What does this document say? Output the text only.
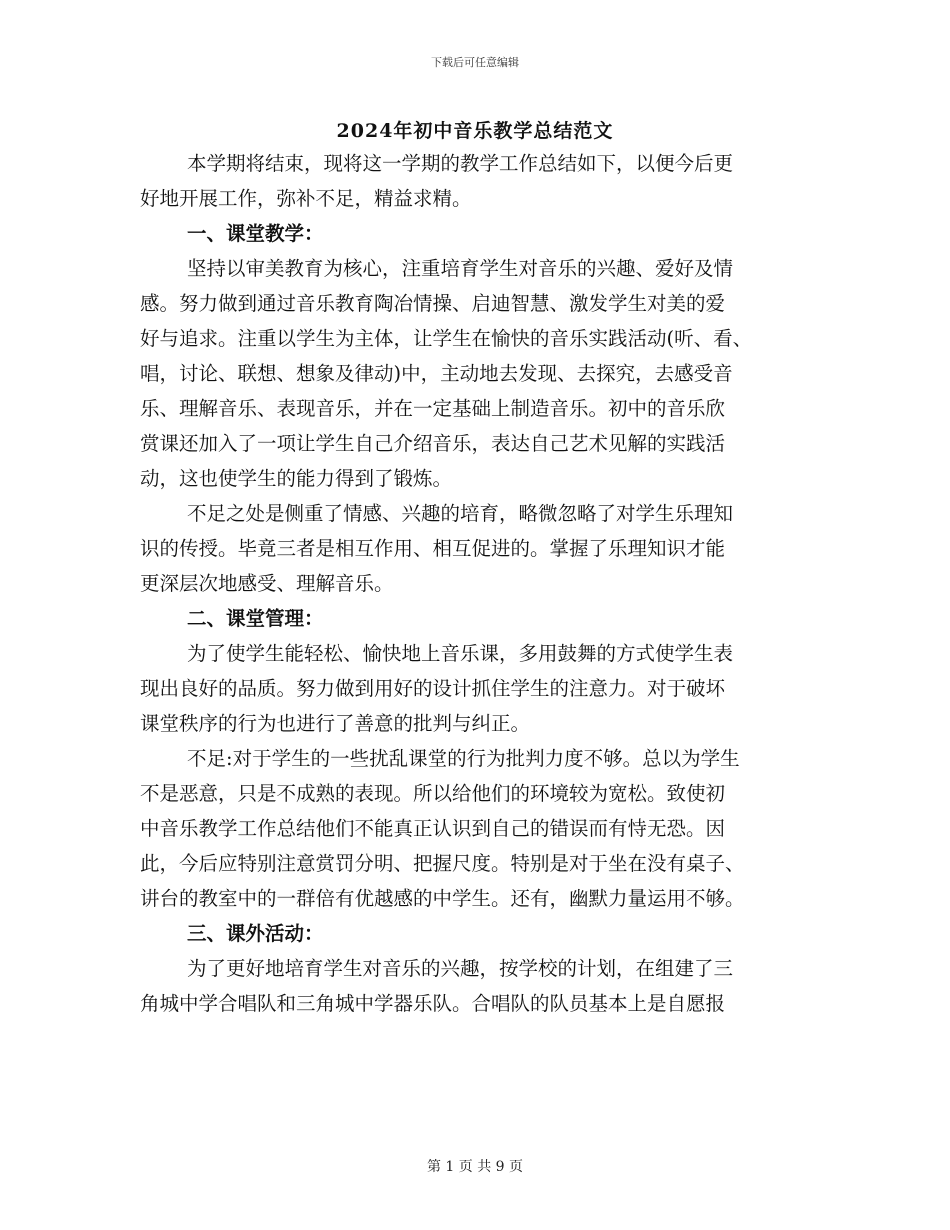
下载后可任意编辑
2024年初中音乐教学总结范文
本学期将结束，现将这一学期的教学工作总结如下，以便今后更
好地开展工作，弥补不足，精益求精。
一、课堂教学：
坚持以审美教育为核心，注重培育学生对音乐的兴趣、爱好及情
感。努力做到通过音乐教育陶冶情操、启迪智慧、激发学生对美的爱
好与追求。注重以学生为主体，让学生在愉快的音乐实践活动(听、看、
唱，讨论、联想、想象及律动)中，主动地去发现、去探究，去感受音
乐、理解音乐、表现音乐，并在一定基础上制造音乐。初中的音乐欣
赏课还加入了一项让学生自己介绍音乐，表达自己艺术见解的实践活
动，这也使学生的能力得到了锻炼。
不足之处是侧重了情感、兴趣的培育，略微忽略了对学生乐理知
识的传授。毕竟三者是相互作用、相互促进的。掌握了乐理知识才能
更深层次地感受、理解音乐。
二、课堂管理：
为了使学生能轻松、愉快地上音乐课，多用鼓舞的方式使学生表
现出良好的品质。努力做到用好的设计抓住学生的注意力。对于破坏
课堂秩序的行为也进行了善意的批判与纠正。
不足:对于学生的一些扰乱课堂的行为批判力度不够。总以为学生
不是恶意，只是不成熟的表现。所以给他们的环境较为宽松。致使初
中音乐教学工作总结他们不能真正认识到自己的错误而有恃无恐。因
此，今后应特别注意赏罚分明、把握尺度。特别是对于坐在没有桌子、
讲台的教室中的一群倍有优越感的中学生。还有，幽默力量运用不够。
三、课外活动：
为了更好地培育学生对音乐的兴趣，按学校的计划，在组建了三
角城中学合唱队和三角城中学器乐队。合唱队的队员基本上是自愿报
第 1 页 共 9 页
